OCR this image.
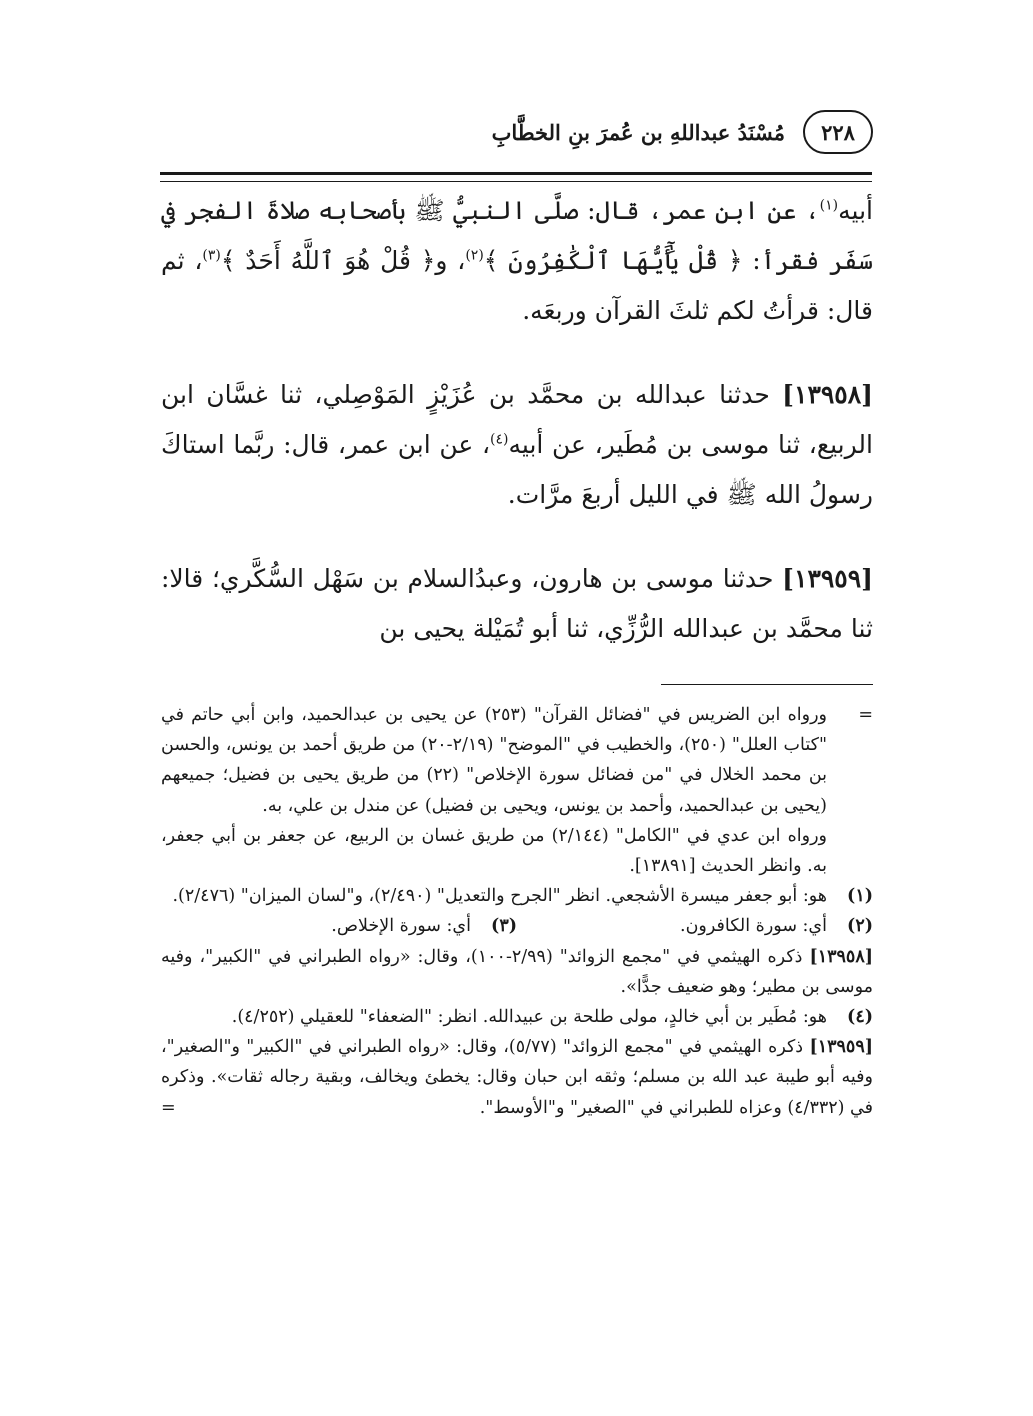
٢٢٨
مُسْنَدُ عبداللهِ بن عُمرَ بنِ الخطَّابِ

أبيه$^{(١)}$، عن ابن عمر، قال: صلَّى النبيُّ ﷺ بأصحابه صلاةَ الفجر في سَفَر فقرأ: ﴿ قُلْ يَٰٓأَيُّهَا ٱلْكَٰفِرُونَ ﴾$^{(٢)}$، و﴿ قُلْ هُوَ ٱللَّهُ أَحَدٌ ﴾$^{(٣)}$، ثم قال: قرأتُ لكم ثلثَ القرآن وربعَه.

[١٣٩٥٨] حدثنا عبدالله بن محمَّد بن عُزَيْزٍ المَوْصِلي، ثنا غسَّان ابن الربيع، ثنا موسى بن مُطَير، عن أبيه$^{(٤)}$، عن ابن عمر، قال: ربَّما استاكَ رسولُ الله ﷺ في الليل أربعَ مرَّات.

[١٣٩٥٩] حدثنا موسى بن هارون، وعبدُالسلام بن سَهْل السُّكَّري؛ قالا: ثنا محمَّد بن عبدالله الرُّزِّي، ثنا أبو تُمَيْلة يحيى بن

=
ورواه ابن الضريس في "فضائل القرآن" (٢٥٣) عن يحيى بن عبدالحميد، وابن أبي حاتم في "كتاب العلل" (٢٥٠)، والخطيب في "الموضح" (٢/١٩-٢٠) من طريق أحمد بن يونس، والحسن بن محمد الخلال في "من فضائل سورة الإخلاص" (٢٢) من طريق يحيى بن فضيل؛ جميعهم (يحيى بن عبدالحميد، وأحمد بن يونس، ويحيى بن فضيل) عن مندل بن علي، به.
ورواه ابن عدي في "الكامل" (٢/١٤٤) من طريق غسان بن الربيع، عن جعفر بن أبي جعفر، به. وانظر الحديث [١٣٨٩١].
(١)
هو: أبو جعفر ميسرة الأشجعي. انظر "الجرح والتعديل" (٢/٤٩٠)، و"لسان الميزان" (٢/٤٧٦).
(٢)
أي: سورة الكافرون.
(٣)
أي: سورة الإخلاص.
[١٣٩٥٨] ذكره الهيثمي في "مجمع الزوائد" (٢/٩٩-١٠٠)، وقال: «رواه الطبراني في "الكبير"، وفيه موسى بن مطير؛ وهو ضعيف جدًّا».
(٤)
هو: مُطَير بن أبي خالدٍ، مولى طلحة بن عبيدالله. انظر: "الضعفاء" للعقيلي (٤/٢٥٢).
[١٣٩٥٩] ذكره الهيثمي في "مجمع الزوائد" (٥/٧٧)، وقال: «رواه الطبراني في "الكبير" و"الصغير"، وفيه أبو طيبة عبد الله بن مسلم؛ وثقه ابن حبان وقال: يخطئ ويخالف، وبقية رجاله ثقات». وذكره في (٤/٣٣٢) وعزاه للطبراني في "الصغير" و"الأوسط".
=
